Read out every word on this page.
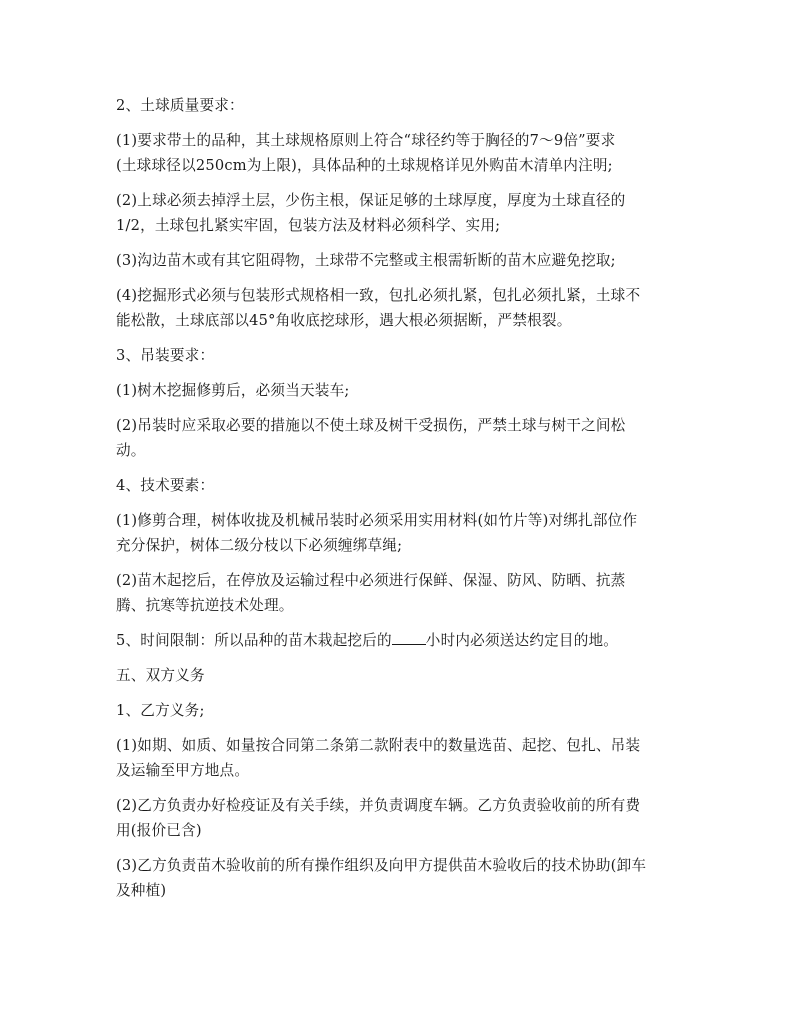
2、土球质量要求：
(1)要求带土的品种，其土球规格原则上符合“球径约等于胸径的7～9倍”要求
(土球球径以250cm为上限)，具体品种的土球规格详见外购苗木清单内注明;
(2)上球必须去掉浮土层，少伤主根，保证足够的土球厚度，厚度为土球直径的
1/2，土球包扎紧实牢固，包装方法及材料必须科学、实用;
(3)沟边苗木或有其它阻碍物，土球带不完整或主根需斩断的苗木应避免挖取;
(4)挖掘形式必须与包装形式规格相一致，包扎必须扎紧，包扎必须扎紧，土球不
能松散，土球底部以45°角收底挖球形，遇大根必须据断，严禁根裂。
3、吊装要求：
(1)树木挖掘修剪后，必须当天装车;
(2)吊装时应采取必要的措施以不使土球及树干受损伤，严禁土球与树干之间松
动。
4、技术要素：
(1)修剪合理，树体收拢及机械吊装时必须采用实用材料(如竹片等)对绑扎部位作
充分保护，树体二级分枝以下必须缠绑草绳;
(2)苗木起挖后，在停放及运输过程中必须进行保鲜、保湿、防风、防晒、抗蒸
腾、抗寒等抗逆技术处理。
5、时间限制：所以品种的苗木栽起挖后的 小时内必须送达约定目的地。
五、双方义务
1、乙方义务;
(1)如期、如质、如量按合同第二条第二款附表中的数量选苗、起挖、包扎、吊装
及运输至甲方地点。
(2)乙方负责办好检疫证及有关手续，并负责调度车辆。乙方负责验收前的所有费
用(报价已含)
(3)乙方负责苗木验收前的所有操作组织及向甲方提供苗木验收后的技术协助(卸车
及种植)
